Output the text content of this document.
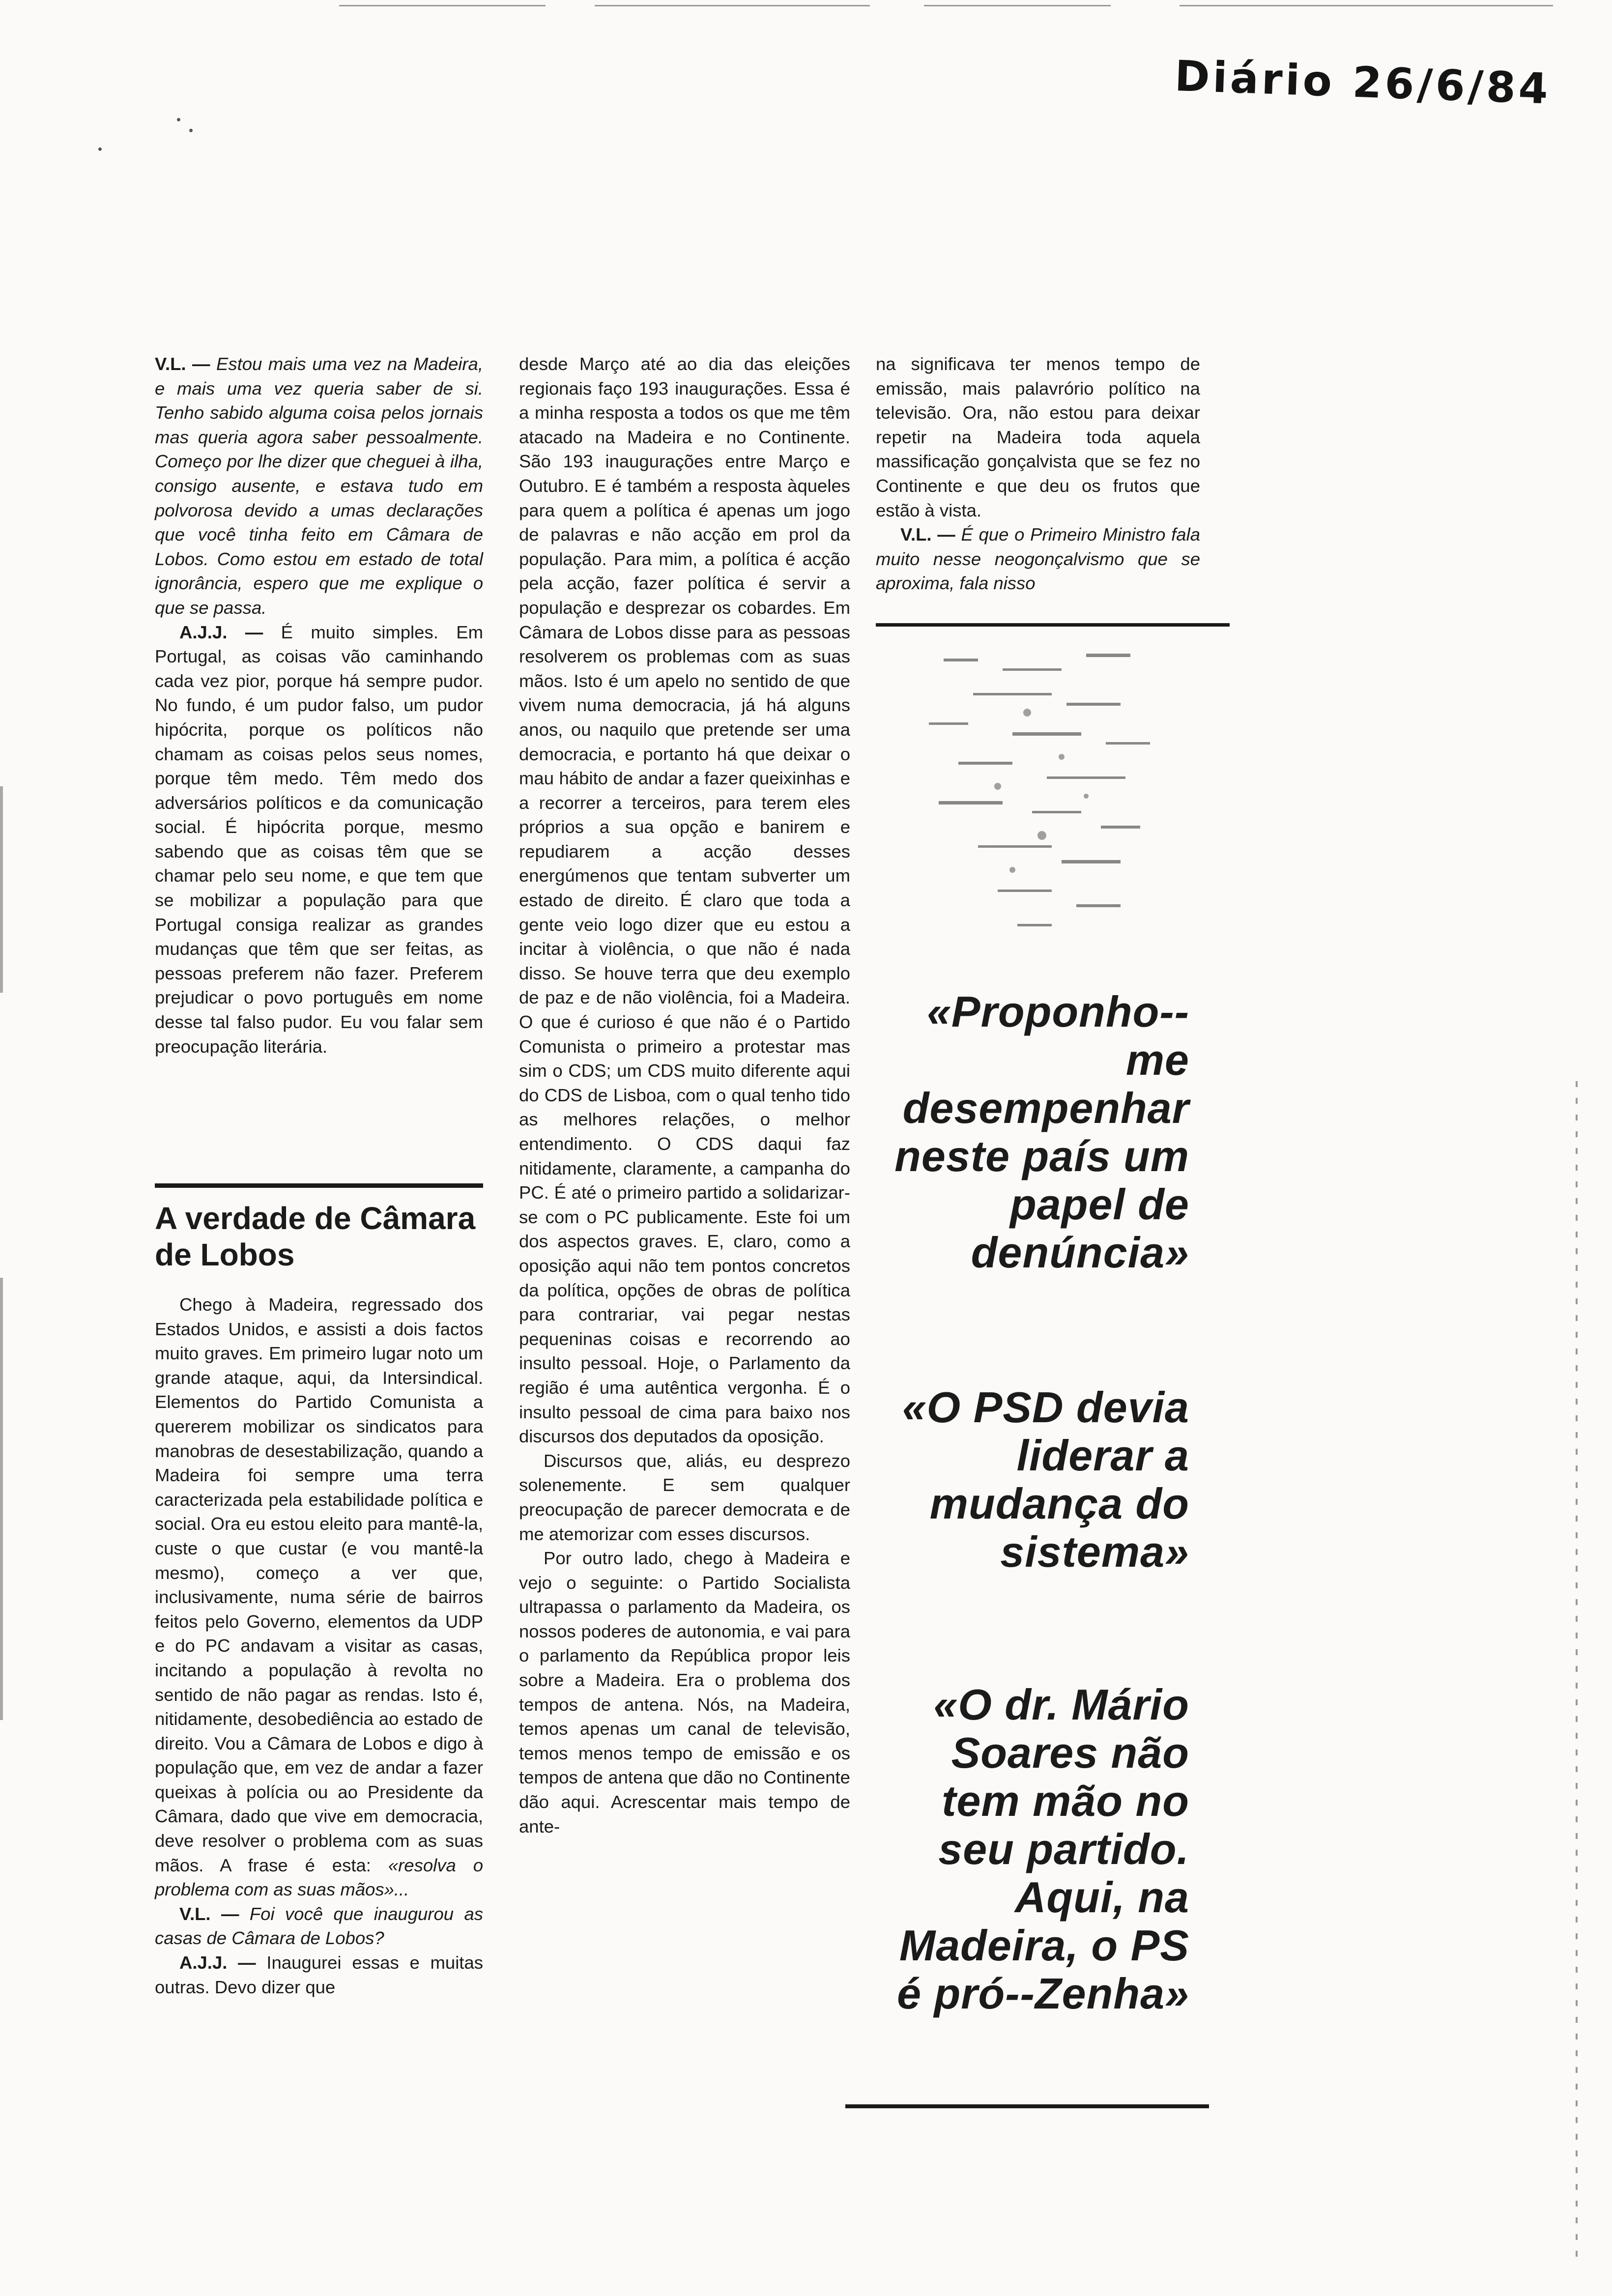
Diário 26/6/84

V.L. — Estou mais uma vez na Madeira, e mais uma vez queria saber de si. Tenho sabido alguma coisa pelos jornais mas queria agora saber pessoalmente. Começo por lhe dizer que cheguei à ilha, consigo ausente, e estava tudo em polvorosa devido a umas declarações que você tinha feito em Câmara de Lobos. Como estou em estado de total ignorância, espero que me explique o que se passa.

A.J.J. — É muito simples. Em Portugal, as coisas vão caminhando cada vez pior, porque há sempre pudor. No fundo, é um pudor falso, um pudor hipócrita, porque os políticos não chamam as coisas pelos seus nomes, porque têm medo. Têm medo dos adversários políticos e da comunicação social. É hipócrita porque, mesmo sabendo que as coisas têm que se chamar pelo seu nome, e que tem que se mobilizar a população para que Portugal consiga realizar as grandes mudanças que têm que ser feitas, as pessoas preferem não fazer. Preferem prejudicar o povo português em nome desse tal falso pudor. Eu vou falar sem preocupação literária.

A verdade de Câmara de Lobos

Chego à Madeira, regressado dos Estados Unidos, e assisti a dois factos muito graves. Em primeiro lugar noto um grande ataque, aqui, da Intersindical. Elementos do Partido Comunista a quererem mobilizar os sindicatos para manobras de desestabilização, quando a Madeira foi sempre uma terra caracterizada pela estabilidade política e social. Ora eu estou eleito para mantê-la, custe o que custar (e vou mantê-la mesmo), começo a ver que, inclusivamente, numa série de bairros feitos pelo Governo, elementos da UDP e do PC andavam a visitar as casas, incitando a população à revolta no sentido de não pagar as rendas. Isto é, nitidamente, desobediência ao estado de direito. Vou a Câmara de Lobos e digo à população que, em vez de andar a fazer queixas à polícia ou ao Presidente da Câmara, dado que vive em democracia, deve resolver o problema com as suas mãos. A frase é esta: «resolva o problema com as suas mãos»...

V.L. — Foi você que inaugurou as casas de Câmara de Lobos?

A.J.J. — Inaugurei essas e muitas outras. Devo dizer que

desde Março até ao dia das eleições regionais faço 193 inaugurações. Essa é a minha resposta a todos os que me têm atacado na Madeira e no Continente. São 193 inaugurações entre Março e Outubro. E é também a resposta àqueles para quem a política é apenas um jogo de palavras e não acção em prol da população. Para mim, a política é acção pela acção, fazer política é servir a população e desprezar os cobardes. Em Câmara de Lobos disse para as pessoas resolverem os problemas com as suas mãos. Isto é um apelo no sentido de que vivem numa democracia, já há alguns anos, ou naquilo que pretende ser uma democracia, e portanto há que deixar o mau hábito de andar a fazer queixinhas e a recorrer a terceiros, para terem eles próprios a sua opção e banirem e repudiarem a acção desses energúmenos que tentam subverter um estado de direito. É claro que toda a gente veio logo dizer que eu estou a incitar à violência, o que não é nada disso. Se houve terra que deu exemplo de paz e de não violência, foi a Madeira. O que é curioso é que não é o Partido Comunista o primeiro a protestar mas sim o CDS; um CDS muito diferente aqui do CDS de Lisboa, com o qual tenho tido as melhores relações, o melhor entendimento. O CDS daqui faz nitidamente, claramente, a campanha do PC. É até o primeiro partido a solidarizar-se com o PC publicamente. Este foi um dos aspectos graves. E, claro, como a oposição aqui não tem pontos concretos da política, opções de obras de política para contrariar, vai pegar nestas pequeninas coisas e recorrendo ao insulto pessoal. Hoje, o Parlamento da região é uma autêntica vergonha. É o insulto pessoal de cima para baixo nos discursos dos deputados da oposição.

Discursos que, aliás, eu desprezo solenemente. E sem qualquer preocupação de parecer democrata e de me atemorizar com esses discursos.

Por outro lado, chego à Madeira e vejo o seguinte: o Partido Socialista ultrapassa o parlamento da Madeira, os nossos poderes de autonomia, e vai para o parlamento da República propor leis sobre a Madeira. Era o problema dos tempos de antena. Nós, na Madeira, temos apenas um canal de televisão, temos menos tempo de emissão e os tempos de antena que dão no Continente dão aqui. Acrescentar mais tempo de ante-

na significava ter menos tempo de emissão, mais palavrório político na televisão. Ora, não estou para deixar repetir na Madeira toda aquela massificação gonçalvista que se fez no Continente e que deu os frutos que estão à vista.

V.L. — É que o Primeiro Ministro fala muito nesse neogonçalvismo que se aproxima, fala nisso

«Proponho--me desempenhar neste país um papel de denúncia»

«O PSD devia liderar a mudança do sistema»

«O dr. Mário Soares não tem mão no seu partido. Aqui, na Madeira, o PS é pró--Zenha»
